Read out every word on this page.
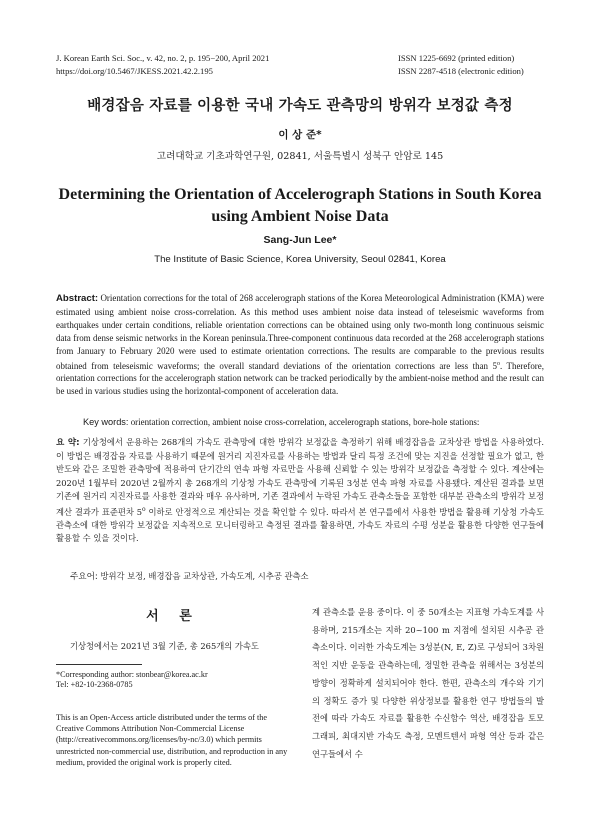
J. Korean Earth Sci. Soc., v. 42, no. 2, p. 195−200, April 2021
https://doi.org/10.5467/JKESS.2021.42.2.195
ISSN 1225-6692 (printed edition)
ISSN 2287-4518 (electronic edition)
배경잡음 자료를 이용한 국내 가속도 관측망의 방위각 보정값 측정
이 상 준*
고려대학교 기초과학연구원, 02841, 서울특별시 성북구 안암로 145
Determining the Orientation of Accelerograph Stations in South Korea
using Ambient Noise Data
Sang-Jun Lee*
The Institute of Basic Science, Korea University, Seoul 02841, Korea
Abstract: Orientation corrections for the total of 268 accelerograph stations of the Korea Meteorological Administration (KMA) were estimated using ambient noise cross-correlation. As this method uses ambient noise data instead of teleseismic waveforms from earthquakes under certain conditions, reliable orientation corrections can be obtained using only two-month long continuous seismic data from dense seismic networks in the Korean peninsula.Three-component continuous data recorded at the 268 accelerograph stations from January to February 2020 were used to estimate orientation corrections. The results are comparable to the previous results obtained from teleseismic waveforms; the overall standard deviations of the orientation corrections are less than 5$^o$. Therefore, orientation corrections for the accelerograph station network can be tracked periodically by the ambient-noise method and the result can be used in various studies using the horizontal-component of acceleration data.
Key words: orientation correction, ambient noise cross-correlation, accelerograph stations, bore-hole stations:
요 약: 기상청에서 운용하는 268개의 가속도 관측망에 대한 방위각 보정값을 측정하기 위해 배경잡음을 교차상관 방법을 사용하였다. 이 방법은 배경잡음 자료를 사용하기 때문에 원거리 지진자료를 사용하는 방법과 달리 특정 조건에 맞는 지진을 선정할 필요가 없고, 한반도와 같은 조밀한 관측망에 적용하여 단기간의 연속 파형 자료만을 사용해 신뢰할 수 있는 방위각 보정값을 측정할 수 있다. 계산에는 2020년 1월부터 2020년 2월까지 총 268개의 기상청 가속도 관측망에 기록된 3성분 연속 파형 자료를 사용됐다. 계산된 결과를 보면 기존에 원거리 지진자료를 사용한 결과와 매우 유사하며, 기존 결과에서 누락된 가속도 관측소들을 포함한 대부분 관측소의 방위각 보정 계산 결과가 표준편차 5$^o$ 이하로 안정적으로 계산되는 것을 확인할 수 있다. 따라서 본 연구를에서 사용한 방법을 활용해 기상청 가속도 관측소에 대한 방위각 보정값을 지속적으로 모니터링하고 측정된 결과를 활용하면, 가속도 자료의 수평 성분을 활용한 다양한 연구들에 활용할 수 있을 것이다.
주요어: 방위각 보정, 배경잡음 교차상관, 가속도계, 시추공 관측소
서 론

기상청에서는 2021년 3월 기준, 총 265개의 가속도

*Corresponding author: stonbear@korea.ac.kr
Tel: +82-10-2368-0785
This is an Open-Access article distributed under the terms of the Creative Commons Attribution Non-Commercial License (http://creativecommons.org/licenses/by-nc/3.0) which permits unrestricted non-commercial use, distribution, and reproduction in any medium, provided the original work is properly cited.

계 관측소를 운용 중이다. 이 중 50개소는 지표형 가속도계를 사용하며, 215개소는 지하 20~100 m 지점에 설치된 시추공 관측소이다. 이러한 가속도계는 3성분(N, E, Z)로 구성되어 3차원적인 지반 운동을 관측하는데, 정밀한 관측을 위해서는 3성분의 방향이 정확하게 설치되어야 한다. 한편, 관측소의 개수와 기기의 정확도 증가 및 다양한 위상정보를 활용한 연구 방법들의 발전에 따라 가속도 자료를 활용한 수신함수 역산, 배경잡음 토모그래피, 최대지반 가속도 측정, 모멘트텐서 파형 역산 등과 같은 연구들에서 수
